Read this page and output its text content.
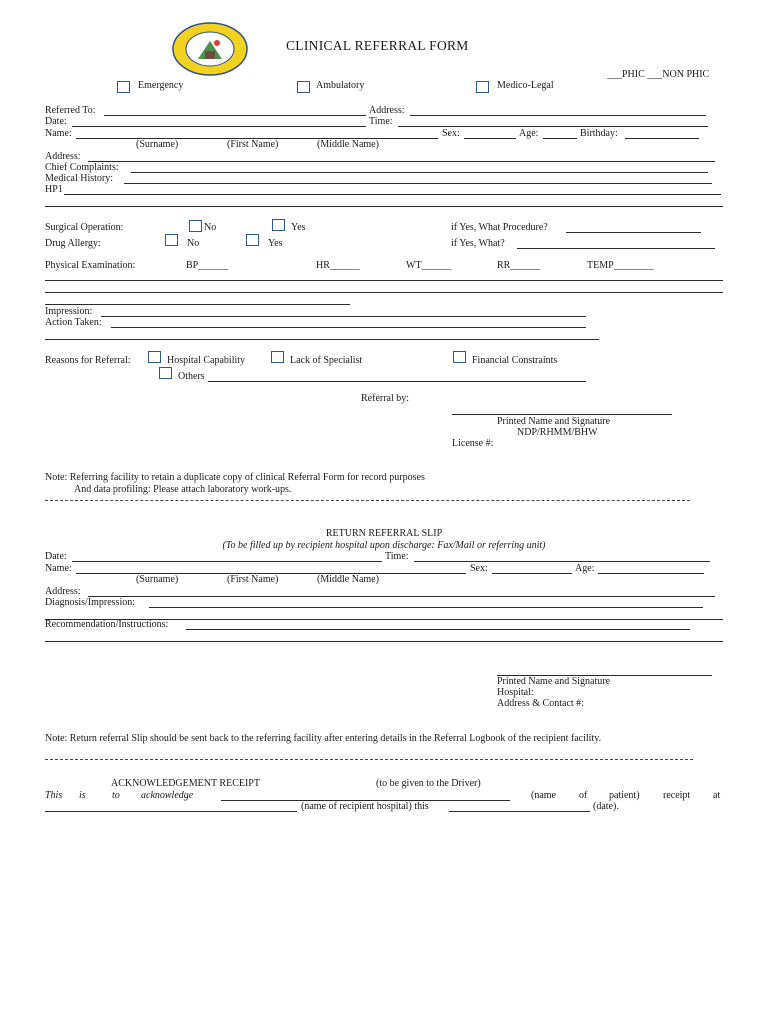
CLINICAL REFERRAL FORM
___PHIC ___NON PHIC
Emergency	Ambulatory	Medico-Legal
Referred To:	Address:
Date:	Time:
Name:	Sex:	Age:	Birthday:
(Surname)	(First Name)	(Middle Name)
Address:
Chief Complaints:
Medical History:
HP1
Surgical Operation:	No	Yes	if Yes, What Procedure?
Drug Allergy:	No	Yes	if Yes, What?
Physical Examination:	BP______	HR______	WT______	RR______	TEMP________
Impression:
Action Taken:
Reasons for Referral:	Hospital Capability	Lack of Specialist	Financial Constraints
Others
Referral by:
Printed Name and Signature
NDP/RHMM/BHW
License #:
Note: Referring facility to retain a duplicate copy of clinical Referral Form for record purposes
And data profiling: Please attach laboratory work-ups.
RETURN REFERRAL SLIP
(To be filled up by recipient hospital upon discharge: Fax/Mail or referring unit)
Date:	Time:
Name:	Sex:	Age:
(Surname)	(First Name)	(Middle Name)
Address:
Diagnosis/Impression:
Recommendation/Instructions:
Printed Name and Signature
Hospital:
Address & Contact #:
Note: Return referral Slip should be sent back to the referring facility after entering details in the Referral Logbook of the recipient facility.
ACKNOWLEDGEMENT RECEIPT	(to be given to the Driver)
This is	to acknowledge	(name of patient) receipt at
(name of recipient hospital) this	(date).
